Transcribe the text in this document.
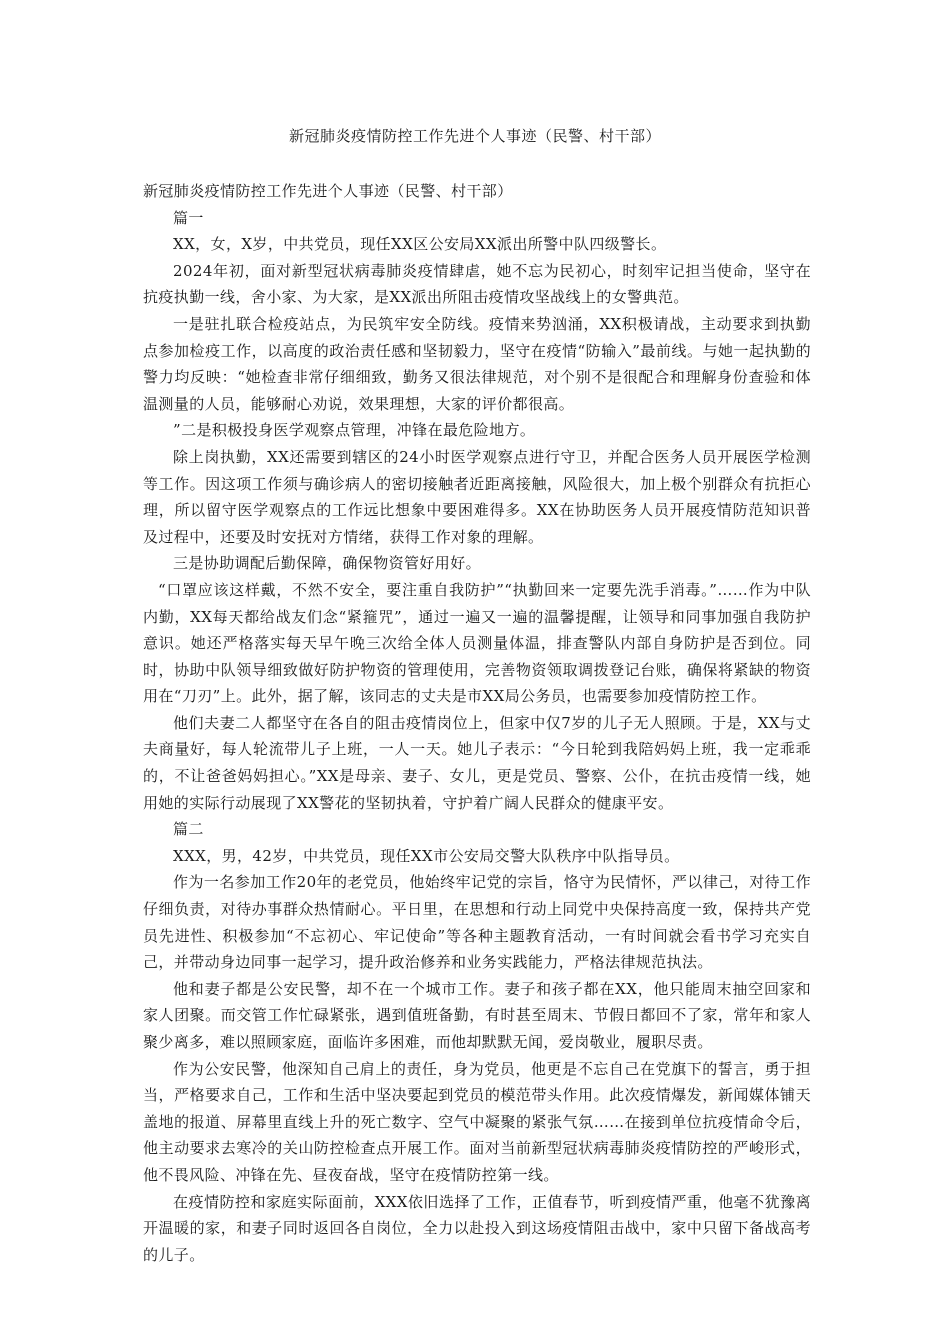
新冠肺炎疫情防控工作先进个人事迹（民警、村干部）

新冠肺炎疫情防控工作先进个人事迹（民警、村干部）

篇一

XX，女，X岁，中共党员，现任XX区公安局XX派出所警中队四级警长。

2024年初，面对新型冠状病毒肺炎疫情肆虐，她不忘为民初心，时刻牢记担当使命，坚守在抗疫执勤一线，舍小家、为大家，是XX派出所阻击疫情攻坚战线上的女警典范。

一是驻扎联合检疫站点，为民筑牢安全防线。疫情来势汹涌，XX积极请战，主动要求到执勤点参加检疫工作，以高度的政治责任感和坚韧毅力，坚守在疫情“防输入”最前线。与她一起执勤的警力均反映：“她检查非常仔细细致，勤务又很法律规范，对个别不是很配合和理解身份查验和体温测量的人员，能够耐心劝说，效果理想，大家的评价都很高。

”二是积极投身医学观察点管理，冲锋在最危险地方。

除上岗执勤，XX还需要到辖区的24小时医学观察点进行守卫，并配合医务人员开展医学检测等工作。因这项工作须与确诊病人的密切接触者近距离接触，风险很大，加上极个别群众有抗拒心理，所以留守医学观察点的工作远比想象中要困难得多。XX在协助医务人员开展疫情防范知识普及过程中，还要及时安抚对方情绪，获得工作对象的理解。

三是协助调配后勤保障，确保物资管好用好。

“口罩应该这样戴，不然不安全，要注重自我防护”“执勤回来一定要先洗手消毒。”……作为中队内勤，XX每天都给战友们念“紧箍咒”，通过一遍又一遍的温馨提醒，让领导和同事加强自我防护意识。她还严格落实每天早午晚三次给全体人员测量体温，排查警队内部自身防护是否到位。同时，协助中队领导细致做好防护物资的管理使用，完善物资领取调拨登记台账，确保将紧缺的物资用在“刀刃”上。此外，据了解，该同志的丈夫是市XX局公务员，也需要参加疫情防控工作。

他们夫妻二人都坚守在各自的阻击疫情岗位上，但家中仅7岁的儿子无人照顾。于是，XX与丈夫商量好，每人轮流带儿子上班，一人一天。她儿子表示：“今日轮到我陪妈妈上班，我一定乖乖的，不让爸爸妈妈担心。”XX是母亲、妻子、女儿，更是党员、警察、公仆，在抗击疫情一线，她用她的实际行动展现了XX警花的坚韧执着，守护着广阔人民群众的健康平安。

篇二

XXX，男，42岁，中共党员，现任XX市公安局交警大队秩序中队指导员。

作为一名参加工作20年的老党员，他始终牢记党的宗旨，恪守为民情怀，严以律己，对待工作仔细负责，对待办事群众热情耐心。平日里，在思想和行动上同党中央保持高度一致，保持共产党员先进性、积极参加“不忘初心、牢记使命”等各种主题教育活动，一有时间就会看书学习充实自己，并带动身边同事一起学习，提升政治修养和业务实践能力，严格法律规范执法。

他和妻子都是公安民警，却不在一个城市工作。妻子和孩子都在XX，他只能周末抽空回家和家人团聚。而交管工作忙碌紧张，遇到值班备勤，有时甚至周末、节假日都回不了家，常年和家人聚少离多，难以照顾家庭，面临许多困难，而他却默默无闻，爱岗敬业，履职尽责。

作为公安民警，他深知自己肩上的责任，身为党员，他更是不忘自己在党旗下的誓言，勇于担当，严格要求自己，工作和生活中坚决要起到党员的模范带头作用。此次疫情爆发，新闻媒体铺天盖地的报道、屏幕里直线上升的死亡数字、空气中凝聚的紧张气氛……在接到单位抗疫情命令后，他主动要求去寒冷的关山防控检查点开展工作。面对当前新型冠状病毒肺炎疫情防控的严峻形式，他不畏风险、冲锋在先、昼夜奋战，坚守在疫情防控第一线。

在疫情防控和家庭实际面前，XXX依旧选择了工作，正值春节，听到疫情严重，他毫不犹豫离开温暖的家，和妻子同时返回各自岗位，全力以赴投入到这场疫情阻击战中，家中只留下备战高考的儿子。
